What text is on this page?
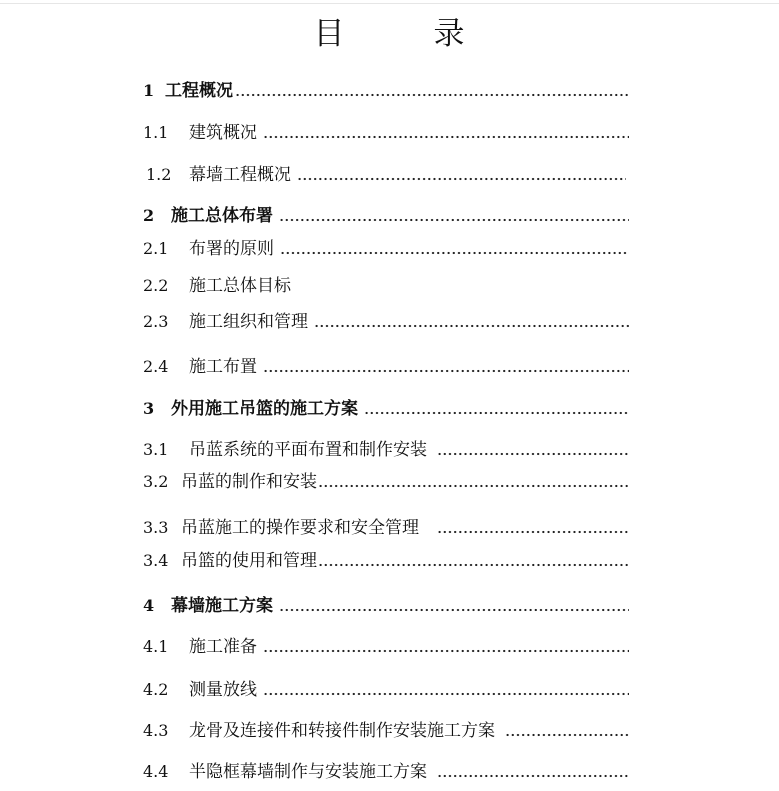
目	录
1 工程概况
1.1	建筑概况
1.2	幕墙工程概况
2 施工总体布署
2.1	布署的原则
2.2	施工总体目标
2.3	施工组织和管理
2.4	施工布置
3 外用施工吊篮的施工方案
3.1	吊蓝系统的平面布置和制作安装
3.2 吊蓝的制作和安装
3.3 吊蓝施工的操作要求和安全管理
3.4 吊篮的使用和管理
4 幕墙施工方案
4.1	施工准备
4.2	测量放线
4.3	龙骨及连接件和转接件制作安装施工方案
4.4	半隐框幕墙制作与安装施工方案
